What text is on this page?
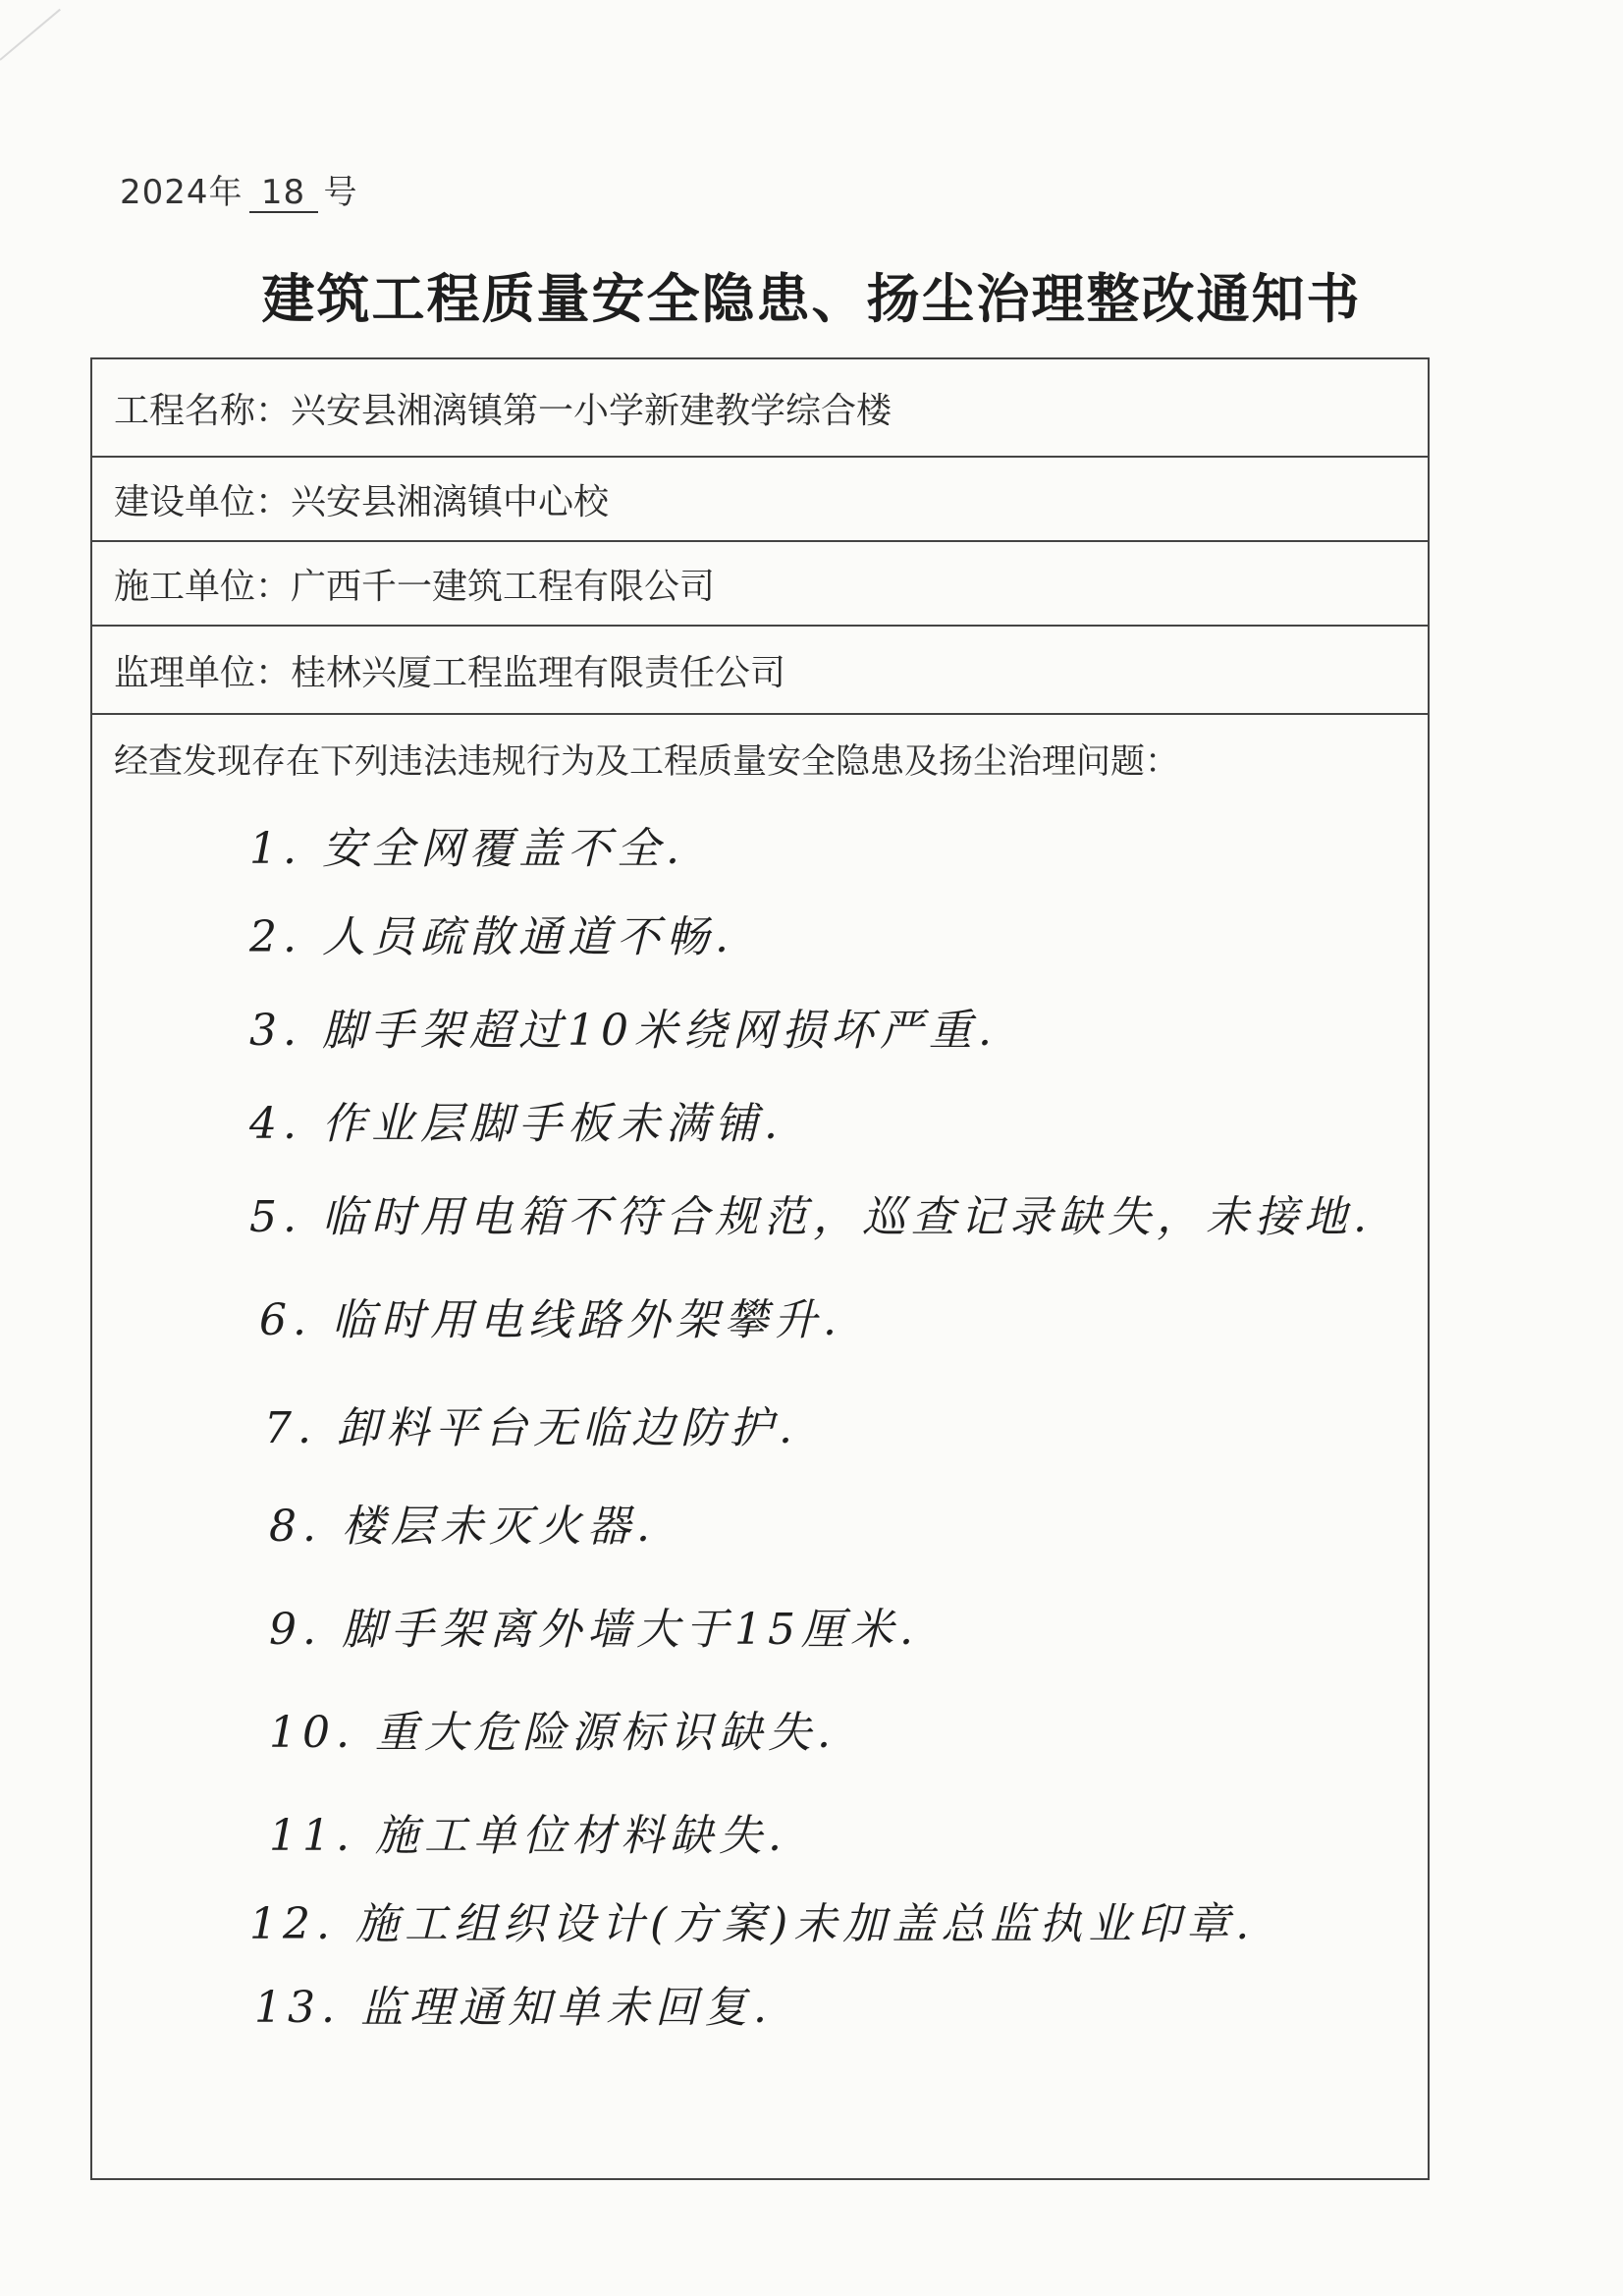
2024年 18 号
建筑工程质量安全隐患、扬尘治理整改通知书
工程名称： 兴安县湘漓镇第一小学新建教学综合楼
建设单位： 兴安县湘漓镇中心校
施工单位： 广西千一建筑工程有限公司
监理单位： 桂林兴厦工程监理有限责任公司
经查发现存在下列违法违规行为及工程质量安全隐患及扬尘治理问题：
1. 安全网覆盖不全.
2. 人员疏散通道不畅.
3. 脚手架超过10米绕网损坏严重.
4. 作业层脚手板未满铺.
5. 临时用电箱不符合规范，巡查记录缺失，未接地.
6. 临时用电线路外架攀升.
7. 卸料平台无临边防护.
8. 楼层未灭火器.
9. 脚手架离外墙大于15厘米.
10. 重大危险源标识缺失.
11. 施工单位材料缺失.
12. 施工组织设计(方案)未加盖总监执业印章.
13. 监理通知单未回复.
